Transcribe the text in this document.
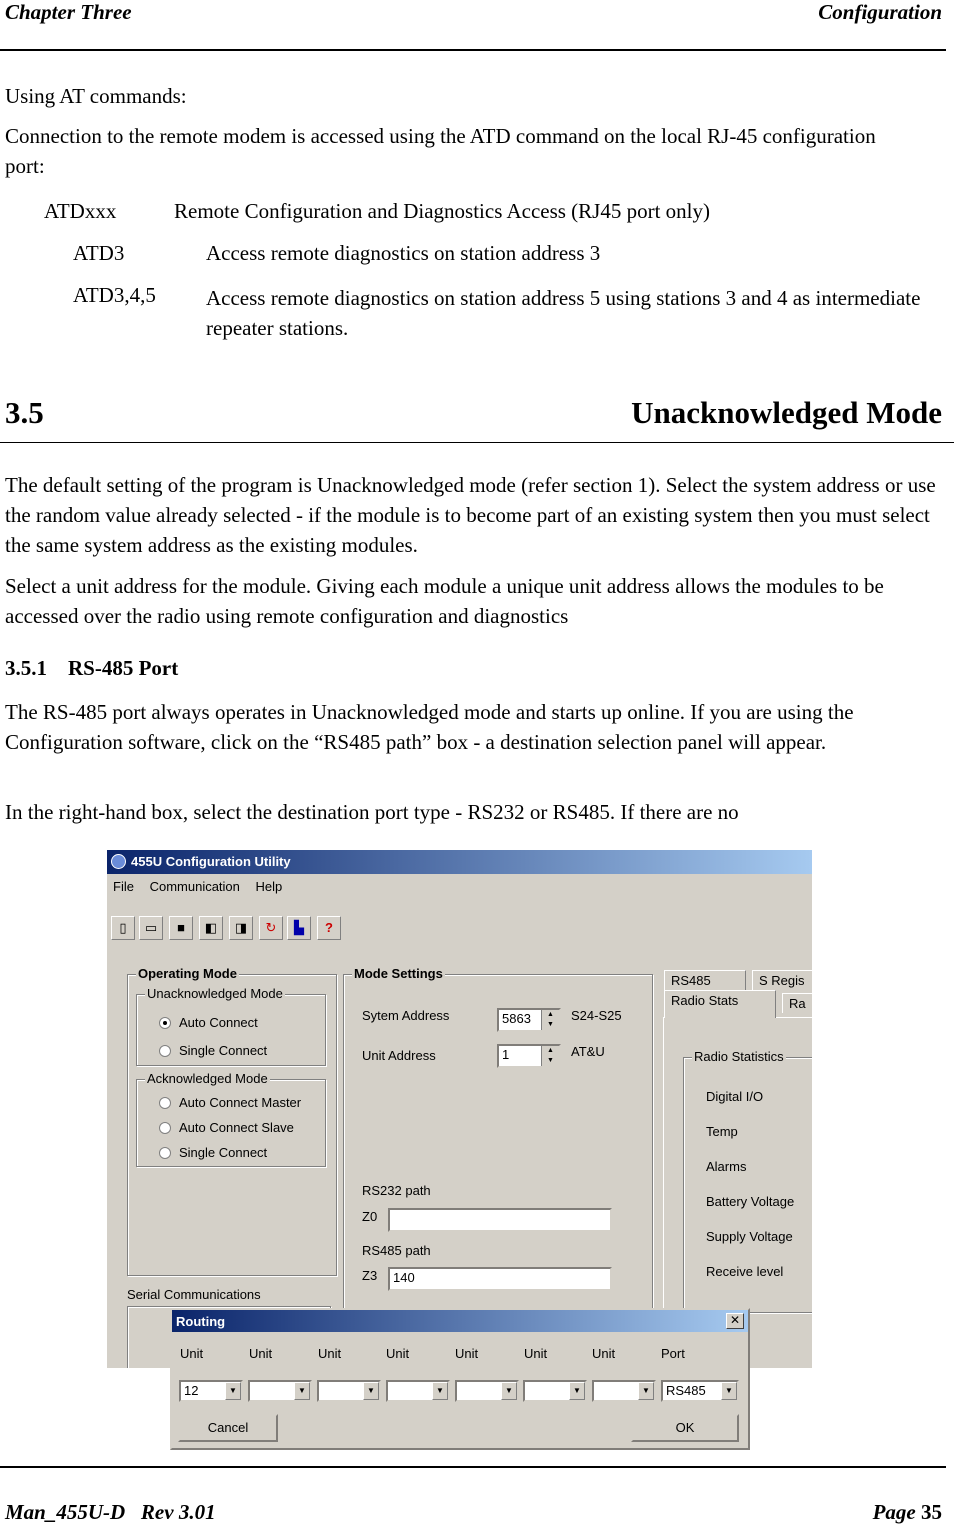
Chapter Three	Configuration
Using AT commands:
Connection to the remote modem is accessed using the ATD command on the local RJ-45 configuration port:
ATDxxx	Remote Configuration and Diagnostics Access (RJ45 port only)
ATD3	Access remote diagnostics on station address 3
ATD3,4,5 Access remote diagnostics on station address 5 using stations 3 and 4 as intermediate repeater stations.
3.5	Unacknowledged Mode
The default setting of the program is Unacknowledged mode (refer section 1). Select the system address or use the random value already selected - if the module is to become part of an existing system then you must select the same system address as the existing modules.
Select a unit address for the module. Giving each module a unique unit address allows the modules to be accessed over the radio using remote configuration and diagnostics
3.5.1    RS-485 Port
The RS-485 port always operates in Unacknowledged mode and starts up online. If you are using the Configuration software, click on the “RS485 path” box - a destination selection panel will appear.
In the right-hand box, select the destination port type - RS232 or RS485. If there are no
455U Configuration Utility
File Communication Help
▯	▭	■	◧	◨	↻	▙	?
Operating Mode
Unacknowledged Mode
Auto Connect
Single Connect
Acknowledged Mode
Auto Connect Master
Auto Connect Slave
Single Connect
Serial Communications
Mode Settings
Sytem Address	5863	▲
▼
S24-S25
Unit Address	1	▲
▼
AT&U
RS232 path
Z0
RS485 path
Z3	140
RS485	S Regis
Radio Stats	Ra
Radio Statistics
Digital I/O
Temp
Alarms
Battery Voltage
Supply Voltage
Receive level
Routing	✕
Unit	Unit	Unit	Unit	Unit	Unit	Unit	Port
12	▼	▼	▼	▼	▼	▼	▼	RS485	▼
Cancel	OK
Man_455U-D   Rev 3.01	Page 35
